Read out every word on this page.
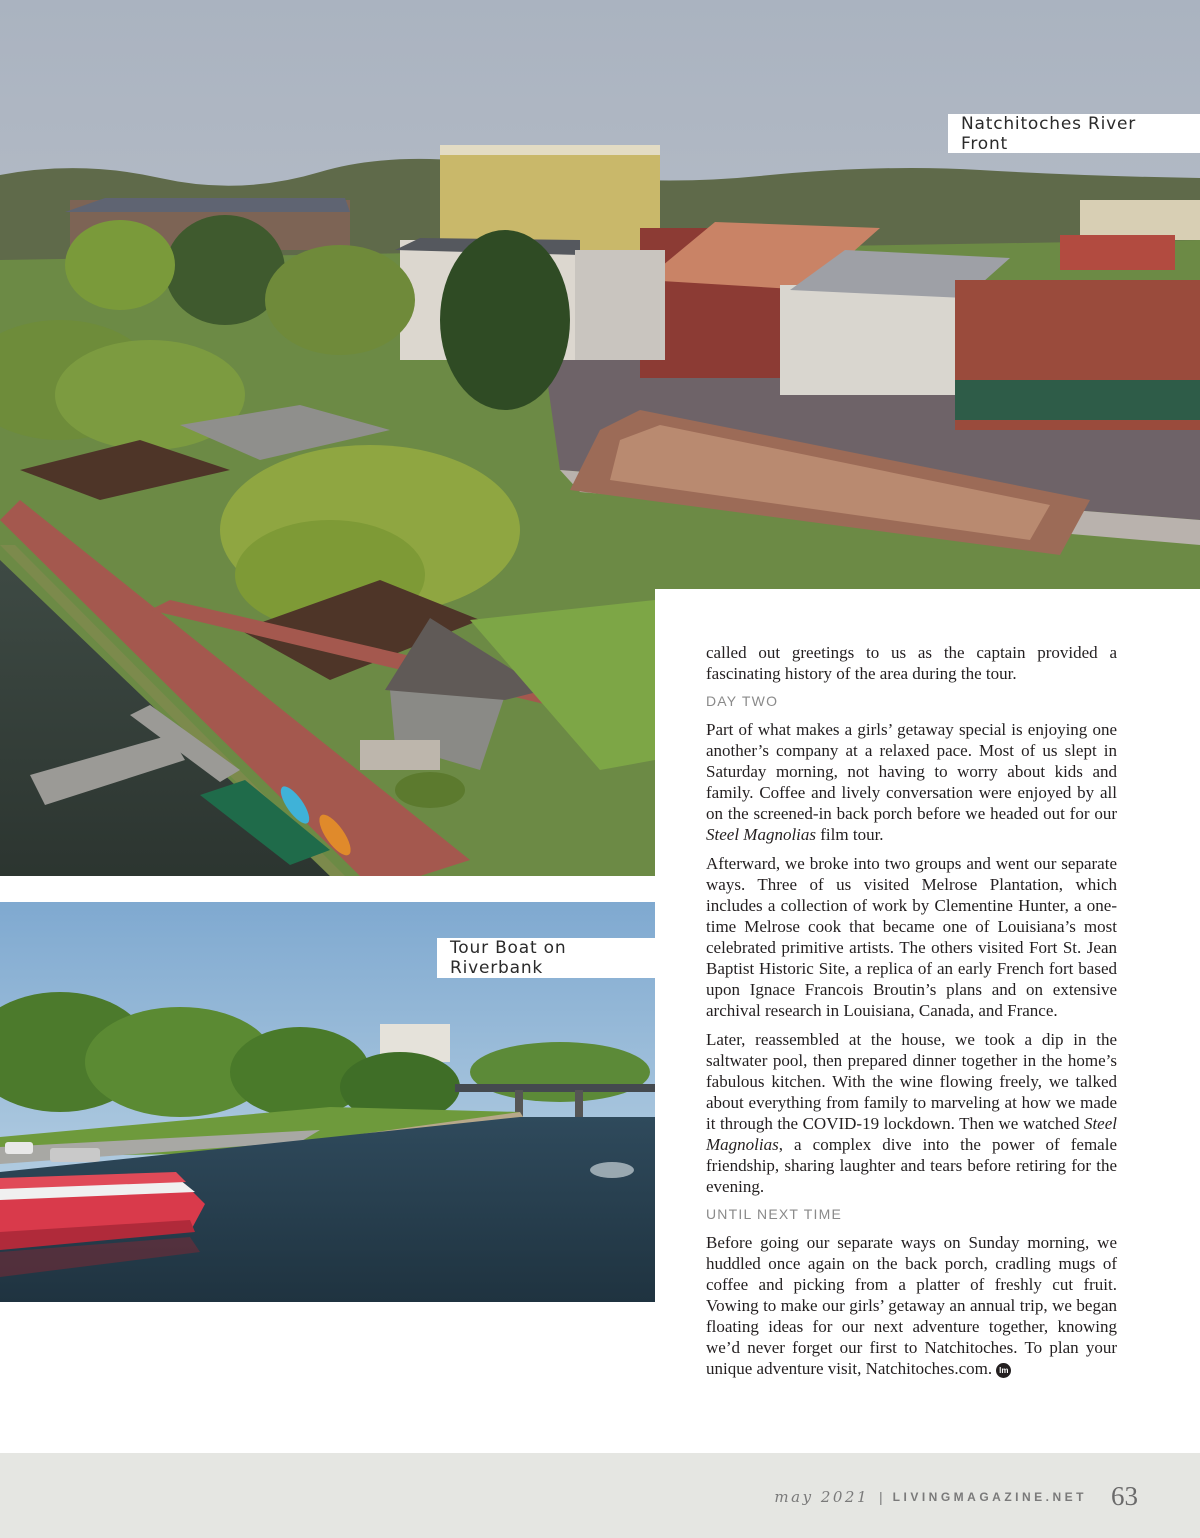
Natchitoches River Front
Tour Boat on Riverbank

called out greetings to us as the captain provided a fascinating history of the area during the tour.

DAY TWO

Part of what makes a girls’ getaway special is enjoying one another’s company at a relaxed pace. Most of us slept in Saturday morning, not having to worry about kids and family. Coffee and lively conversation were enjoyed by all on the screened-in back porch before we headed out for our Steel Magnolias film tour.

Afterward, we broke into two groups and went our separate ways. Three of us visited Melrose Plantation, which includes a collection of work by Clementine Hunter, a one-time Melrose cook that became one of Louisiana’s most celebrated primitive artists. The others visited Fort St. Jean Baptist Historic Site, a replica of an early French fort based upon Ignace Francois Broutin’s plans and on extensive archival research in Louisiana, Canada, and France.

Later, reassembled at the house, we took a dip in the saltwater pool, then prepared dinner together in the home’s fabulous kitchen. With the wine flowing freely, we talked about everything from family to marveling at how we made it through the COVID-19 lockdown. Then we watched Steel Magnolias, a complex dive into the power of female friendship, sharing laughter and tears before retiring for the evening.

UNTIL NEXT TIME

Before going our separate ways on Sunday morning, we huddled once again on the back porch, cradling mugs of coffee and picking from a platter of freshly cut fruit. Vowing to make our girls’ getaway an annual trip, we began floating ideas for our next adventure together, knowing we’d never forget our first to Natchitoches. To plan your unique adventure visit, Natchitoches.com. lm

may 2021 | LIVINGMAGAZINE.NET 63
